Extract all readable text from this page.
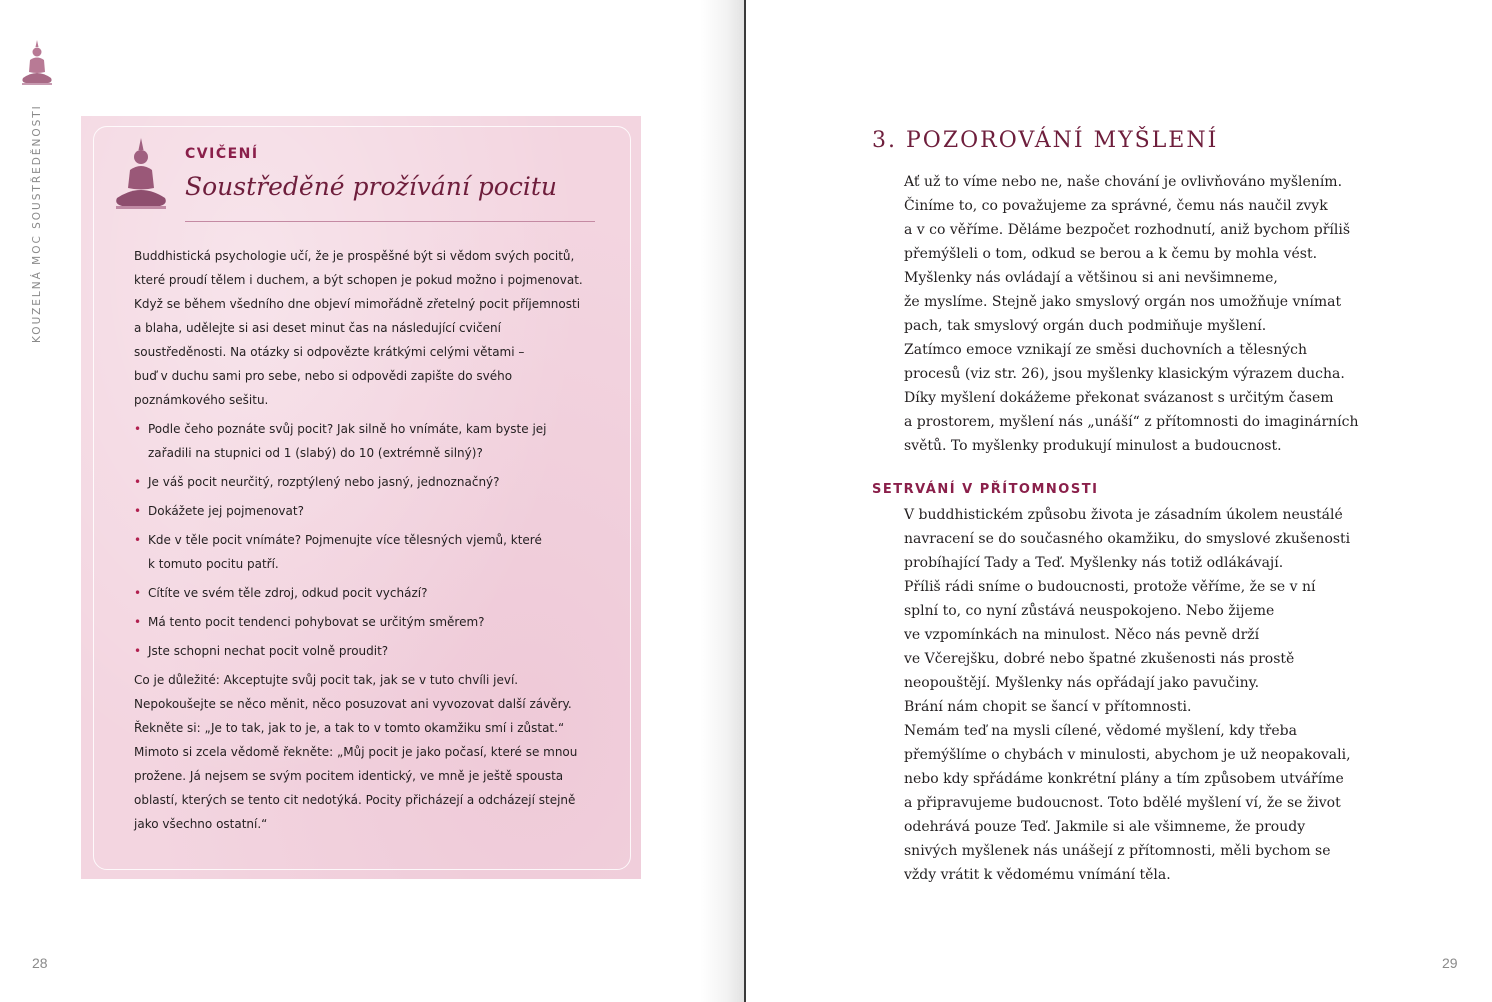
KOUZELNÁ MOC SOUSTŘEDĚNOSTI	CVIČENÍ
Soustředěné prožívání pocitu
Buddhistická psychologie učí, že je prospěšné být si vědom svých pocitů,
které proudí tělem i duchem, a být schopen je pokud možno i pojmenovat.
Když se během všedního dne objeví mimořádně zřetelný pocit příjemnosti
a blaha, udělejte si asi deset minut čas na následující cvičení
soustředěnosti. Na otázky si odpovězte krátkými celými větami –
buď v duchu sami pro sebe, nebo si odpovědi zapište do svého
poznámkového sešitu.
• Podle čeho poznáte svůj pocit? Jak silně ho vnímáte, kam byste jej
zařadili na stupnici od 1 (slabý) do 10 (extrémně silný)?
• Je váš pocit neurčitý, rozptýlený nebo jasný, jednoznačný?
• Dokážete jej pojmenovat?
• Kde v těle pocit vnímáte? Pojmenujte více tělesných vjemů, které
k tomuto pocitu patří.
• Cítíte ve svém těle zdroj, odkud pocit vychází?
• Má tento pocit tendenci pohybovat se určitým směrem?
• Jste schopni nechat pocit volně proudit?
Co je důležité: Akceptujte svůj pocit tak, jak se v tuto chvíli jeví.
Nepokoušejte se něco měnit, něco posuzovat ani vyvozovat další závěry.
Řekněte si: „Je to tak, jak to je, a tak to v tomto okamžiku smí i zůstat.“
Mimoto si zcela vědomě řekněte: „Můj pocit je jako počasí, které se mnou
prožene. Já nejsem se svým pocitem identický, ve mně je ještě spousta
oblastí, kterých se tento cit nedotýká. Pocity přicházejí a odcházejí stejně
jako všechno ostatní.“
28
3. POZOROVÁNÍ MYŠLENÍ
Ať už to víme nebo ne, naše chování je ovlivňováno myšlením.
Činíme to, co považujeme za správné, čemu nás naučil zvyk
a v co věříme. Děláme bezpočet rozhodnutí, aniž bychom příliš
přemýšleli o tom, odkud se berou a k čemu by mohla vést.
Myšlenky nás ovládají a většinou si ani nevšimneme,
že myslíme. Stejně jako smyslový orgán nos umožňuje vnímat
pach, tak smyslový orgán duch podmiňuje myšlení.
Zatímco emoce vznikají ze směsi duchovních a tělesných
procesů (viz str. 26), jsou myšlenky klasickým výrazem ducha.
Díky myšlení dokážeme překonat svázanost s určitým časem
a prostorem, myšlení nás „unáší“ z přítomnosti do imaginárních
světů. To myšlenky produkují minulost a budoucnost.
SETRVÁNÍ V PŘÍTOMNOSTI
V buddhistickém způsobu života je zásadním úkolem neustálé
navracení se do současného okamžiku, do smyslové zkušenosti
probíhající Tady a Teď. Myšlenky nás totiž odlákávají.
Příliš rádi sníme o budoucnosti, protože věříme, že se v ní
splní to, co nyní zůstává neuspokojeno. Nebo žijeme
ve vzpomínkách na minulost. Něco nás pevně drží
ve Včerejšku, dobré nebo špatné zkušenosti nás prostě
neopouštějí. Myšlenky nás opřádají jako pavučiny.
Brání nám chopit se šancí v přítomnosti.
Nemám teď na mysli cílené, vědomé myšlení, kdy třeba
přemýšlíme o chybách v minulosti, abychom je už neopakovali,
nebo kdy spřádáme konkrétní plány a tím způsobem utváříme
a připravujeme budoucnost. Toto bdělé myšlení ví, že se život
odehrává pouze Teď. Jakmile si ale všimneme, že proudy
snivých myšlenek nás unášejí z přítomnosti, měli bychom se
vždy vrátit k vědomému vnímání těla.
29
